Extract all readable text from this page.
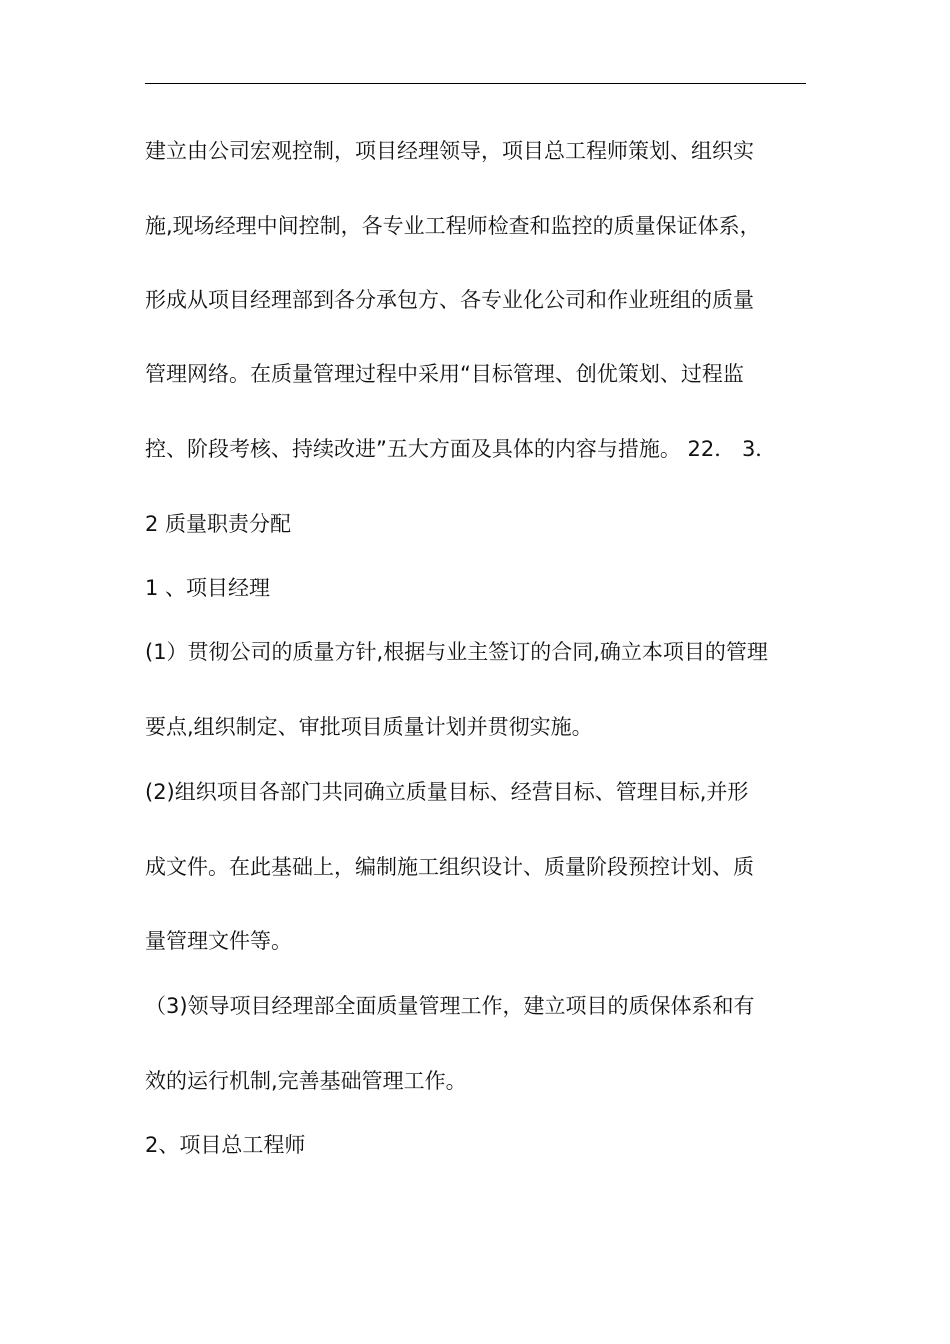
建立由公司宏观控制，项目经理领导，项目总工程师策划、组织实
施,现场经理中间控制，各专业工程师检查和监控的质量保证体系，
形成从项目经理部到各分承包方、各专业化公司和作业班组的质量
管理网络。在质量管理过程中采用“目标管理、创优策划、过程监
控、阶段考核、持续改进”五大方面及具体的内容与措施。 22． 3．
2 质量职责分配
1 、项目经理
(1）贯彻公司的质量方针,根据与业主签订的合同,确立本项目的管理
要点,组织制定、审批项目质量计划并贯彻实施。
(2)组织项目各部门共同确立质量目标、经营目标、管理目标,并形
成文件。在此基础上，编制施工组织设计、质量阶段预控计划、质
量管理文件等。
（3)领导项目经理部全面质量管理工作，建立项目的质保体系和有
效的运行机制,完善基础管理工作。
2、项目总工程师
